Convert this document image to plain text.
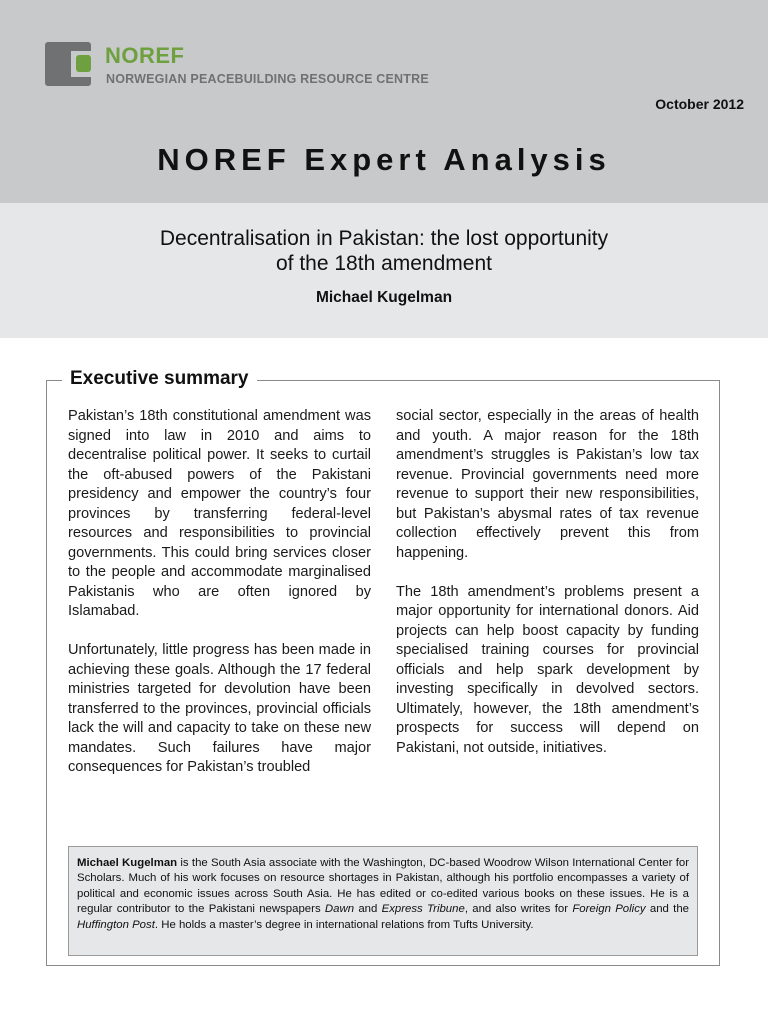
NOREF
NORWEGIAN PEACEBUILDING RESOURCE CENTRE
October 2012
NOREF Expert Analysis
Decentralisation in Pakistan: the lost opportunity
of the 18th amendment
Michael Kugelman
Executive summary

Pakistan’s 18th constitutional amendment was signed into law in 2010 and aims to decentralise political power. It seeks to curtail the oft-abused powers of the Pakistani presidency and empower the country’s four provinces by transferring federal-level resources and responsibilities to provincial governments. This could bring services closer to the people and accommodate marginalised Pakistanis who are often ignored by Islamabad.

Unfortunately, little progress has been made in achieving these goals. Although the 17 federal ministries targeted for devolution have been transferred to the provinces, provincial officials lack the will and capacity to take on these new mandates. Such failures have major consequences for Pakistan’s troubled

social sector, especially in the areas of health and youth. A major reason for the 18th amendment’s struggles is Pakistan’s low tax revenue. Provincial governments need more revenue to support their new responsibilities, but Pakistan’s abysmal rates of tax revenue collection effectively prevent this from happening.

The 18th amendment’s problems present a major opportunity for international donors. Aid projects can help boost capacity by funding specialised training courses for provincial officials and help spark development by investing specifically in devolved sectors. Ultimately, however, the 18th amendment’s prospects for success will depend on Pakistani, not outside, initiatives.

Michael Kugelman is the South Asia associate with the Washington, DC-based Woodrow Wilson International Center for Scholars. Much of his work focuses on resource shortages in Pakistan, although his portfolio encompasses a variety of political and economic issues across South Asia. He has edited or co-edited various books on these issues. He is a regular contributor to the Pakistani newspapers Dawn and Express Tribune, and also writes for Foreign Policy and the Huffington Post. He holds a master’s degree in international relations from Tufts University.
